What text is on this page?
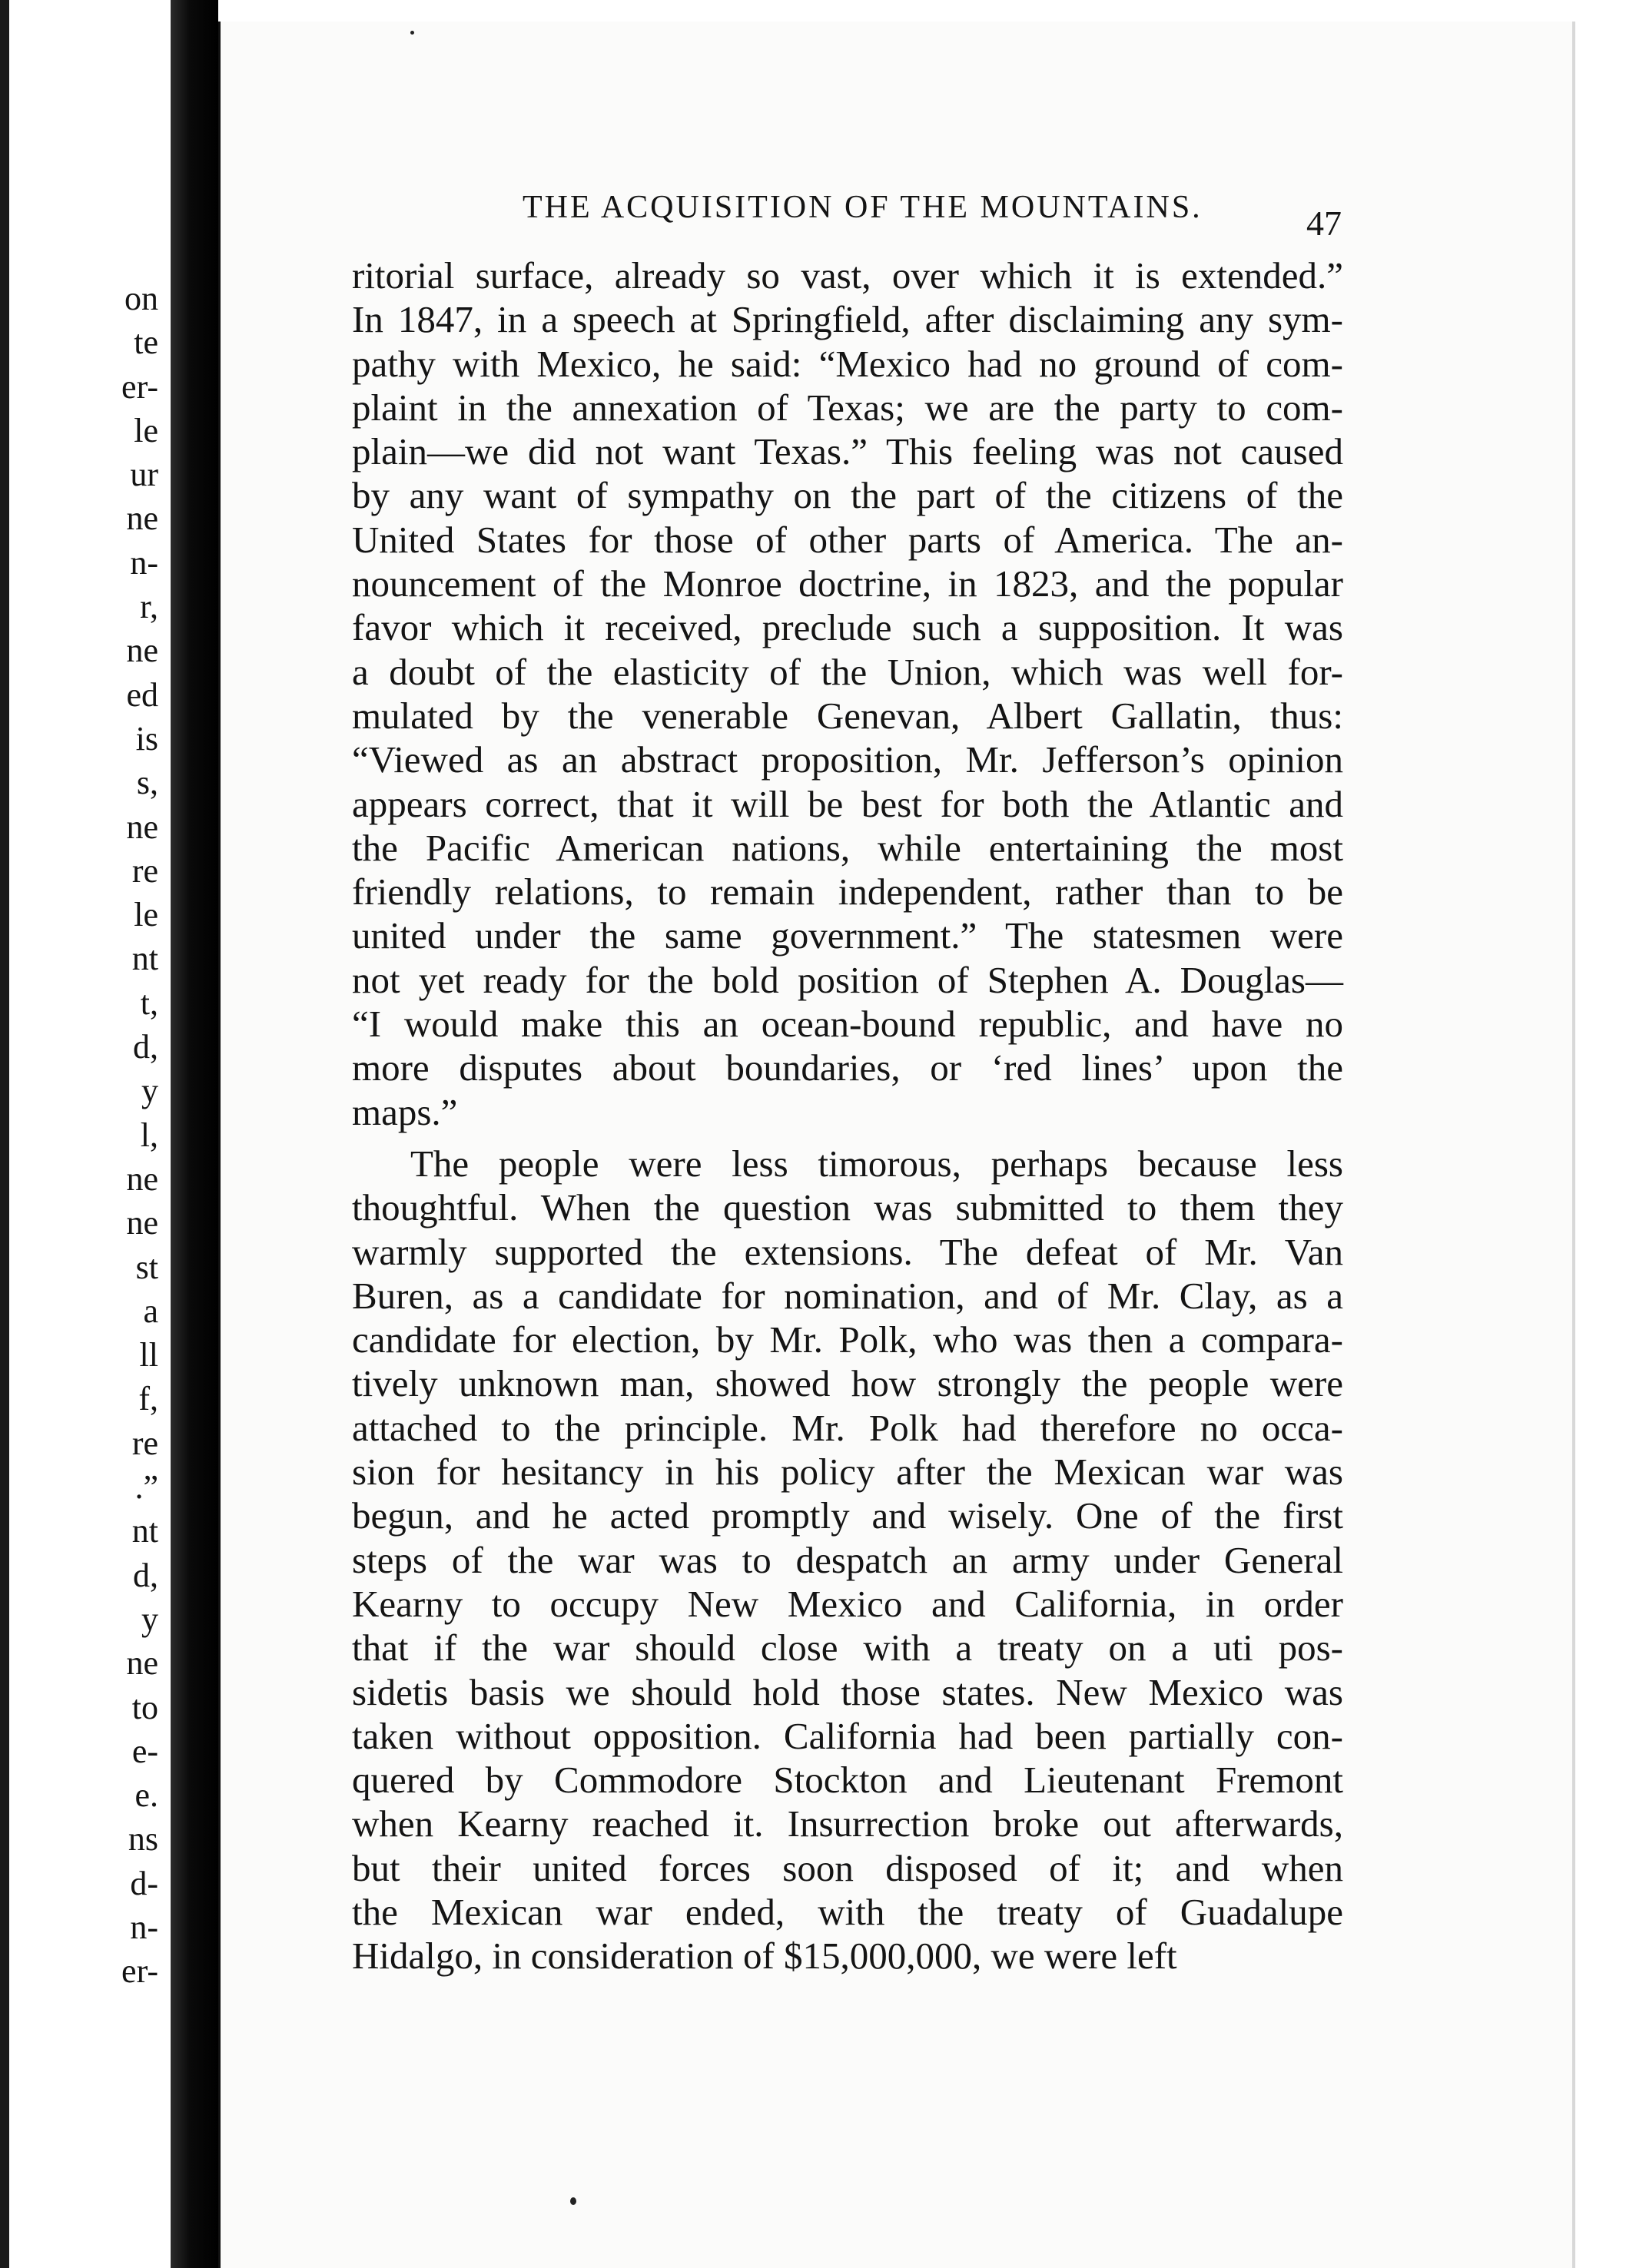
on
te
er-
le
ur
ne
n-
r,
ne
ed
is
s,
ne
re
le
nt
t,
d,
y
l,
ne
ne
st
a
ll
f,
re
.”
nt
d,
y
ne
to
e-
e.
ns
d-
n-
er-
THE ACQUISITION OF THE MOUNTAINS.	47
ritorial surface, already so vast, over which it is extended.”
In 1847, in a speech at Springfield, after disclaiming any sym-
pathy with Mexico, he said: “Mexico had no ground of com-
plaint in the annexation of Texas; we are the party to com-
plain—we did not want Texas.” This feeling was not caused
by any want of sympathy on the part of the citizens of the
United States for those of other parts of America. The an-
nouncement of the Monroe doctrine, in 1823, and the popular
favor which it received, preclude such a supposition. It was
a doubt of the elasticity of the Union, which was well for-
mulated by the venerable Genevan, Albert Gallatin, thus:
“Viewed as an abstract proposition, Mr. Jefferson’s opinion
appears correct, that it will be best for both the Atlantic and
the Pacific American nations, while entertaining the most
friendly relations, to remain independent, rather than to be
united under the same government.” The statesmen were
not yet ready for the bold position of Stephen A. Douglas—
“I would make this an ocean-bound republic, and have no
more disputes about boundaries, or ‘red lines’ upon the
maps.”
The people were less timorous, perhaps because less
thoughtful. When the question was submitted to them they
warmly supported the extensions. The defeat of Mr. Van
Buren, as a candidate for nomination, and of Mr. Clay, as a
candidate for election, by Mr. Polk, who was then a compara-
tively unknown man, showed how strongly the people were
attached to the principle. Mr. Polk had therefore no occa-
sion for hesitancy in his policy after the Mexican war was
begun, and he acted promptly and wisely. One of the first
steps of the war was to despatch an army under General
Kearny to occupy New Mexico and California, in order
that if the war should close with a treaty on a uti pos-
sidetis basis we should hold those states. New Mexico was
taken without opposition. California had been partially con-
quered by Commodore Stockton and Lieutenant Fremont
when Kearny reached it. Insurrection broke out afterwards,
but their united forces soon disposed of it; and when
the Mexican war ended, with the treaty of Guadalupe
Hidalgo, in consideration of $15,000,000, we were left
